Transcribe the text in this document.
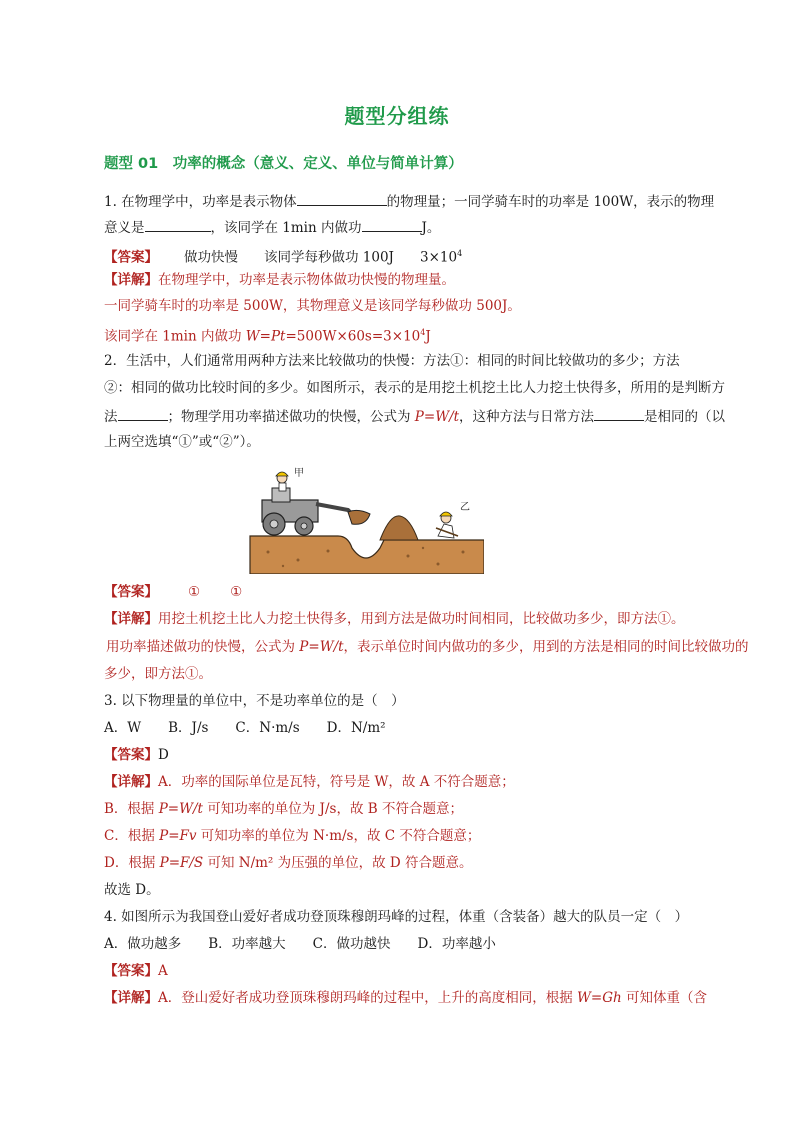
题型分组练
题型 01　功率的概念（意义、定义、单位与简单计算）
1. 在物理学中，功率是表示物体	的物理量；一同学骑车时的功率是 100W，表示的物理
意义是	，该同学在 1min 内做功	J。
【答案】 做功快慢 该同学每秒做功 100J $3\times 10^4$
【详解】在物理学中，功率是表示物体做功快慢的物理量。
一同学骑车时的功率是 500W，其物理意义是该同学每秒做功 500J。
该同学在 1min 内做功 $W=Pt=500W\times 60s=3\times 10^4J$
2．生活中，人们通常用两种方法来比较做功的快慢：方法①：相同的时间比较做功的多少；方法
②：相同的做功比较时间的多少。如图所示，表示的是用挖土机挖土比人力挖土快得多，所用的是判断方
法	；物理学用功率描述做功的快慢，公式为 P=W/t，这种方法与日常方法	是相同的（以
上两空选填“①”或“②”）。
甲
乙
【答案】 ① ①
【详解】用挖土机挖土比人力挖土快得多，用到方法是做功时间相同，比较做功多少，即方法①。
用功率描述做功的快慢，公式为 P=W/t，表示单位时间内做功的多少，用到的方法是相同的时间比较做功的
多少，即方法①。
3. 以下物理量的单位中，不是功率单位的是（　）
A．W　　B．J/s　　C．N·m/s　　D．N/m²
【答案】D
【详解】A．功率的国际单位是瓦特，符号是 W，故 A 不符合题意；
B．根据 P=W/t 可知功率的单位为 J/s，故 B 不符合题意；
C．根据 P=Fv 可知功率的单位为 N·m/s，故 C 不符合题意；
D．根据 P=F/S 可知 N/m² 为压强的单位，故 D 符合题意。
故选 D。
4. 如图所示为我国登山爱好者成功登顶珠穆朗玛峰的过程，体重（含装备）越大的队员一定（　）
A．做功越多　　B．功率越大　　C．做功越快　　D．功率越小
【答案】A
【详解】A．登山爱好者成功登顶珠穆朗玛峰的过程中，上升的高度相同，根据 W=Gh 可知体重（含
